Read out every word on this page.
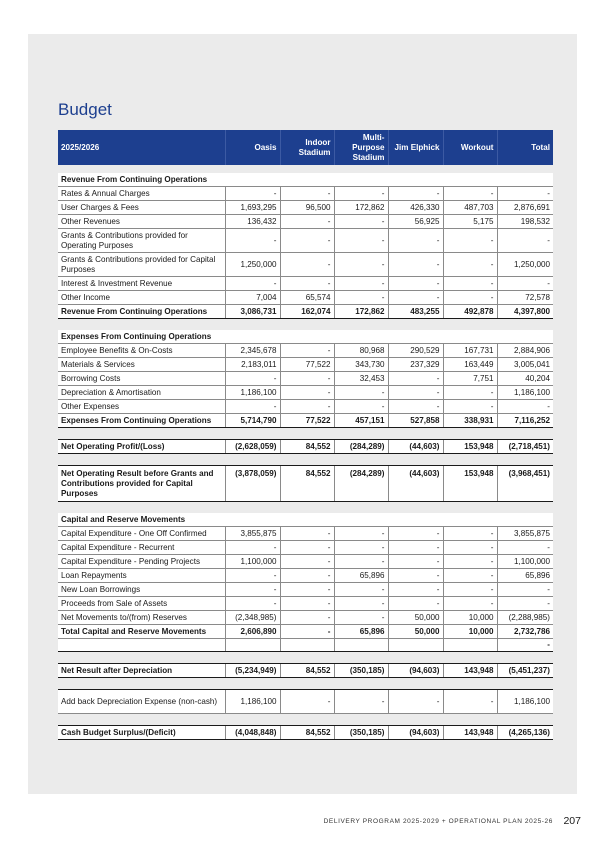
Budget
2025/2026	Oasis	Indoor Stadium	Multi-Purpose Stadium	Jim Elphick	Workout	Total

Revenue From Continuing Operations						
Rates & Annual Charges	-	-	-	-	-	-
User Charges & Fees	1,693,295	96,500	172,862	426,330	487,703	2,876,691
Other Revenues	136,432	-	-	56,925	5,175	198,532
Grants & Contributions provided for Operating Purposes	-	-	-	-	-	-
Grants & Contributions provided for Capital Purposes	1,250,000	-	-	-	-	1,250,000
Interest & Investment Revenue	-	-	-	-	-	-
Other Income	7,004	65,574	-	-	-	72,578
Revenue From Continuing Operations	3,086,731	162,074	172,862	483,255	492,878	4,397,800

Expenses From Continuing Operations						
Employee Benefits & On-Costs	2,345,678	-	80,968	290,529	167,731	2,884,906
Materials & Services	2,183,011	77,522	343,730	237,329	163,449	3,005,041
Borrowing Costs	-	-	32,453	-	7,751	40,204
Depreciation & Amortisation	1,186,100	-	-	-	-	1,186,100
Other Expenses	-	-	-	-	-	-
Expenses From Continuing Operations	5,714,790	77,522	457,151	527,858	338,931	7,116,252

Net Operating Profit/(Loss)	(2,628,059)	84,552	(284,289)	(44,603)	153,948	(2,718,451)

Net Operating Result before Grants and Contributions provided for Capital Purposes	(3,878,059)	84,552	(284,289)	(44,603)	153,948	(3,968,451)

Capital and Reserve Movements						
Capital Expenditure - One Off Confirmed	3,855,875	-	-	-	-	3,855,875
Capital Expenditure - Recurrent	-	-	-	-	-	-
Capital Expenditure - Pending Projects	1,100,000	-	-	-	-	1,100,000
Loan Repayments	-	-	65,896	-	-	65,896
New Loan Borrowings	-	-	-	-	-	-
Proceeds from Sale of Assets	-	-	-	-	-	-
Net Movements to/(from) Reserves	(2,348,985)	-	-	50,000	10,000	(2,288,985)
Total Capital and Reserve Movements	2,606,890	-	65,896	50,000	10,000	2,732,786
						-

Net Result after Depreciation	(5,234,949)	84,552	(350,185)	(94,603)	143,948	(5,451,237)

Add back Depreciation Expense (non-cash)	1,186,100	-	-	-	-	1,186,100

Cash Budget Surplus/(Deficit)	(4,048,848)	84,552	(350,185)	(94,603)	143,948	(4,265,136)
DELIVERY PROGRAM 2025-2029 + OPERATIONAL PLAN 2025-26 207
